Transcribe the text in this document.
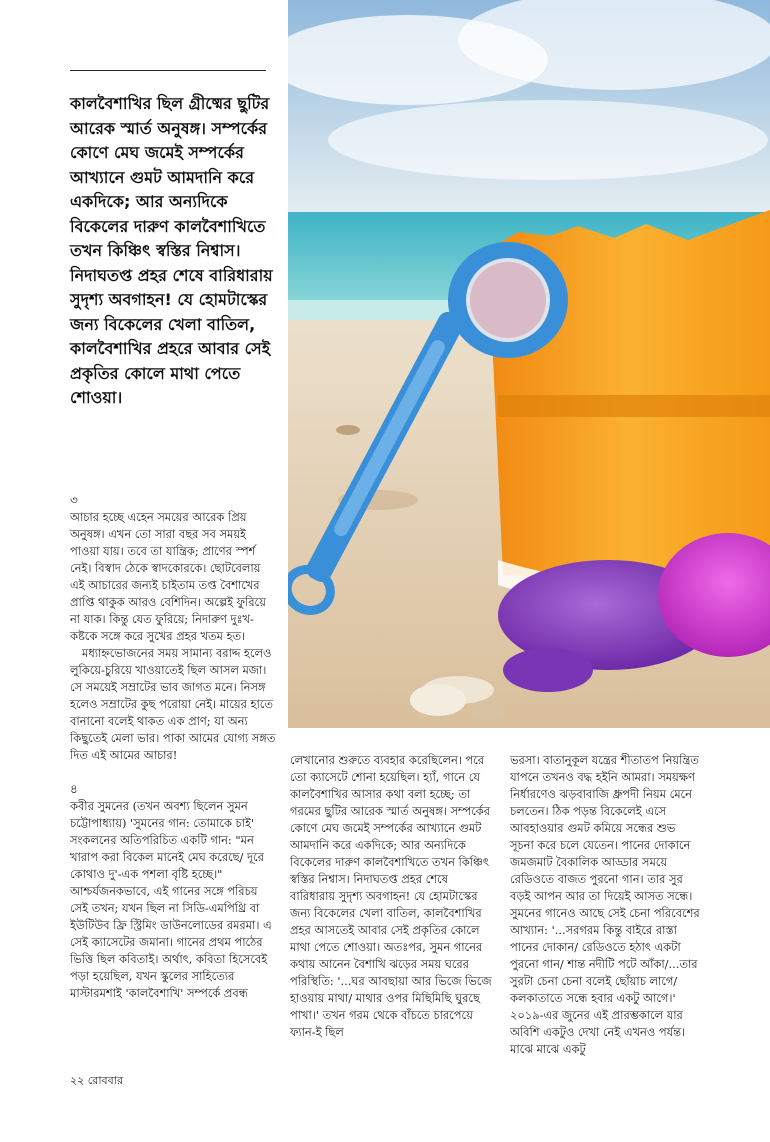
কালবৈশাখির ছিল গ্রীষ্মের ছুটির আরেক স্মার্ত অনুষঙ্গ। সম্পর্কের কোণে মেঘ জমেই সম্পর্কের আখ্যানে গুমট আমদানি করে একদিকে; আর অন্যদিকে বিকেলের দারুণ কালবৈশাখিতে তখন কিঞ্চিৎ স্বস্তির নিশ্বাস। নিদাঘতপ্ত প্রহর শেষে বারিধারায় সুদৃশ্য অবগাহন! যে হোমটাস্কের জন্য বিকেলের খেলা বাতিল, কালবৈশাখির প্রহরে আবার সেই প্রকৃতির কোলে মাথা পেতে শোওয়া।

৩

আচার হচ্ছে এহেন সময়ের আরেক প্রিয় অনুষঙ্গ। এখন তো সারা বছর সব সময়ই পাওয়া যায়। তবে তা যান্ত্রিক; প্রাণের স্পর্শ নেই। বিস্বাদ ঠেকে স্বাদকোরকে। ছোটবেলায় এই আচারের জন্যই চাইতাম তপ্ত বৈশাখের প্রাপ্তি থাকুক আরও বেশিদিন। অল্পেই ফুরিয়ে না যাক। কিন্তু যেত ফুরিয়ে; নিদারুণ দুঃখ-কষ্টকে সঙ্গে করে সুখের প্রহর খতম হত।

মধ্যাহ্নভোজনের সময় সামান্য বরাদ্দ হলেও লুকিয়ে-চুরিয়ে খাওয়াতেই ছিল আসল মজা। সে সময়েই সম্রাটের ভাব জাগত মনে। নিসঙ্গ হলেও সম্রাটের কুছ পরোয়া নেই। মায়ের হাতে বানানো বলেই থাকত এক প্রাণ; যা অন্য কিছুতেই মেলা ভার। পাকা আমের যোগ্য সঙ্গত দিত এই আমের আচার!

৪

কবীর সুমনের (তখন অবশ্য ছিলেন সুমন চট্টোপাধ্যায়) 'সুমনের গান: তোমাকে চাই' সংকলনের অতিপরিচিত একটি গান: "মন খারাপ করা বিকেল মানেই মেঘ করেছে/ দূরে কোথাও দু'-এক পশলা বৃষ্টি হচ্ছে।" আশ্চর্যজনকভাবে, এই গানের সঙ্গে পরিচয় সেই তখন; যখন ছিল না সিডি-এমপিথ্রি বা ইউটিউব ফ্রি স্ট্রিমিং ডাউনলোডের রমরমা। এ সেই ক্যাসেটের জমানা। গানের প্রথম পাঠের ভিত্তি ছিল কবিতাই। অর্থাৎ, কবিতা হিসেবেই পড়া হয়েছিল, যখন স্কুলের সাহিত্যের মাস্টারমশাই 'কালবৈশাখি' সম্পর্কে প্রবন্ধ

লেখানোর শুরুতে ব্যবহার করেছিলেন। পরে তো ক্যাসেটে শোনা হয়েছিল। হ্যাঁ, গানে যে কালবৈশাখির আসার কথা বলা হচ্ছে; তা গরমের ছুটির আরেক স্মার্ত অনুষঙ্গ। সম্পর্কের কোণে মেঘ জমেই সম্পর্কের আখ্যানে গুমট আমদানি করে একদিকে; আর অন্যদিকে বিকেলের দারুণ কালবৈশাখিতে তখন কিঞ্চিৎ স্বস্তির নিশ্বাস। নিদাঘতপ্ত প্রহর শেষে বারিধারায় সুদৃশ্য অবগাহন! যে হোমটাস্কের জন্য বিকেলের খেলা বাতিল, কালবৈশাখির প্রহর আসতেই আবার সেই প্রকৃতির কোলে মাথা পেতে শোওয়া। অতঃপর, সুমন গানের কথায় আনেন বৈশাখি ঝড়ের সময় ঘরের পরিস্থিতি: '...ঘর আবছায়া আর ভিজে ভিজে হাওয়ায় মাথা/ মাথার ওপর মিছিমিছি ঘুরছে পাখা।' তখন গরম থেকে বাঁচতে চারপেয়ে ফ্যান-ই ছিল

ভরসা। বাতানুকূল যন্ত্রের শীতাতপ নিয়ন্ত্রিত যাপনে তখনও বদ্ধ হইনি আমরা। সময়ক্ষণ নির্ধারণেও ঝড়বাবাজি ধ্রুপদী নিয়ম মেনে চলতেন। ঠিক পড়ন্ত বিকেলেই এসে আবহাওয়ার গুমট কমিয়ে সন্ধের শুভ সূচনা করে চলে যেতেন। পানের দোকানে জমজমাট বৈকালিক আড্ডার সময়ে রেডিওতে বাজত পুরনো গান। তার সুর বড়ই আপন আর তা দিয়েই আসত সন্ধে। সুমনের গানেও আছে সেই চেনা পরিবেশের আখ্যান: '...সরগরম কিন্তু বাইরে রাস্তা পানের দোকান/ রেডিওতে হঠাৎ একটা পুরনো গান/ শান্ত নদীটি পটে আঁকা/...তার সুরটা চেনা চেনা বলেই ছোঁয়াচ লাগে/ কলকাতাতে সন্ধে হবার একটু আগে।' ২০১৯-এর জুনের এই প্রারম্ভকালে যার অবিশি একটুও দেখা নেই এখনও পর্যন্ত। মাঝে মাঝে একটু

২২ রোববার
